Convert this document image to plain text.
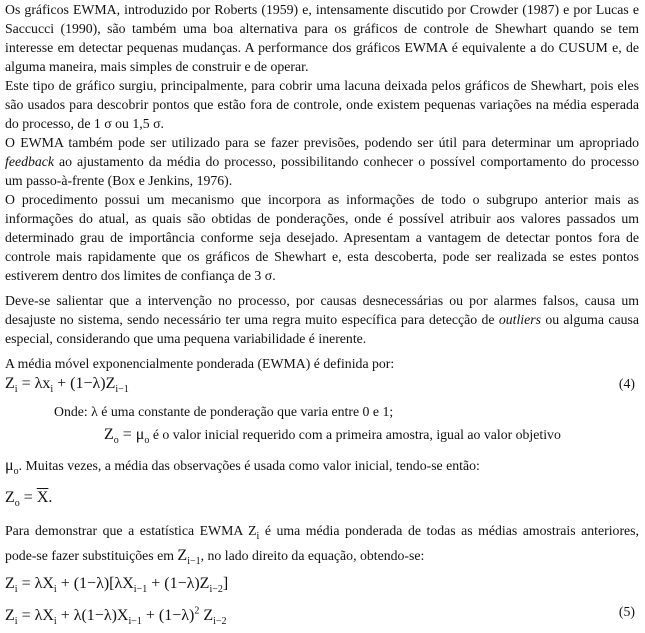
Os gráficos EWMA, introduzido por Roberts (1959) e, intensamente discutido por Crowder (1987) e por Lucas e Saccucci (1990), são também uma boa alternativa para os gráficos de controle de Shewhart quando se tem interesse em detectar pequenas mudanças. A performance dos gráficos EWMA é equivalente a do CUSUM e, de alguma maneira, mais simples de construir e de operar.

Este tipo de gráfico surgiu, principalmente, para cobrir uma lacuna deixada pelos gráficos de Shewhart, pois eles são usados para descobrir pontos que estão fora de controle, onde existem pequenas variações na média esperada do processo, de 1 σ ou 1,5 σ.

O EWMA também pode ser utilizado para se fazer previsões, podendo ser útil para determinar um apropriado feedback ao ajustamento da média do processo, possibilitando conhecer o possível comportamento do processo um passo-à-frente (Box e Jenkins, 1976).

O procedimento possui um mecanismo que incorpora as informações de todo o subgrupo anterior mais as informações do atual, as quais são obtidas de ponderações, onde é possível atribuir aos valores passados um determinado grau de importância conforme seja desejado. Apresentam a vantagem de detectar pontos fora de controle mais rapidamente que os gráficos de Shewhart e, esta descoberta, pode ser realizada se estes pontos estiverem dentro dos limites de confiança de 3 σ.

Deve-se salientar que a intervenção no processo, por causas desnecessárias ou por alarmes falsos, causa um desajuste no sistema, sendo necessário ter uma regra muito específica para detecção de outliers ou alguma causa especial, considerando que uma pequena variabilidade é inerente.

A média móvel exponencialmente ponderada (EWMA) é definida por:

$Z_i = \lambda x_i + (1-\lambda)Z_{i-1}$	(4)

Onde: λ é uma constante de ponderação que varia entre 0 e 1;

$Z_o = \mu_o$ é o valor inicial requerido com a primeira amostra, igual ao valor objetivo

$\mu_o$. Muitas vezes, a média das observações é usada como valor inicial, tendo-se então:

$Z_o = \overline{X}$.

Para demonstrar que a estatística EWMA $Z_i$ é uma média ponderada de todas as médias amostrais anteriores, pode-se fazer substituições em $Z_{i-1}$, no lado direito da equação, obtendo-se:

$Z_i = \lambda X_i + (1-\lambda)[\lambda X_{i-1} + (1-\lambda)Z_{i-2}]$
$Z_i = \lambda X_i + \lambda(1-\lambda)X_{i-1} + (1-\lambda)^2$ $Z_{i-2}$
(5)
